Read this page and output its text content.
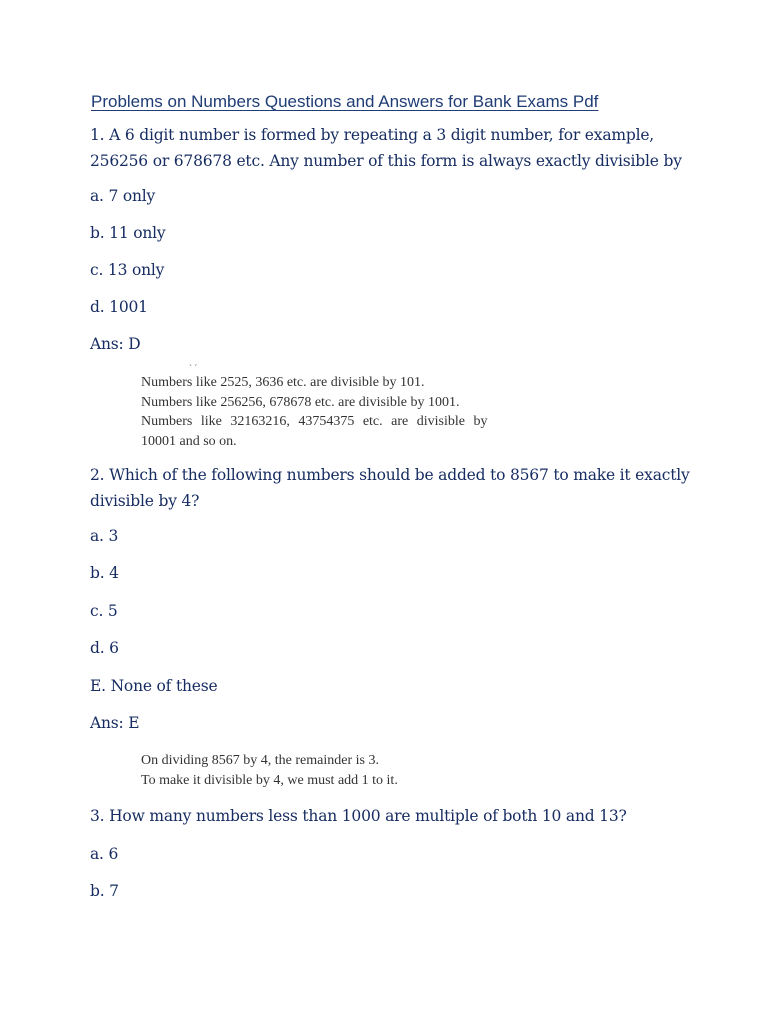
Problems on Numbers Questions and Answers for Bank Exams Pdf
1. A 6 digit number is formed by repeating a 3 digit number, for example,
256256 or 678678 etc. Any number of this form is always exactly divisible by
a. 7 only
b. 11 only
c. 13 only
d. 1001
Ans: D
` ´
Numbers like 2525, 3636 etc. are divisible by 101.
Numbers like 256256, 678678 etc. are divisible by 1001.
Numbers like 32163216, 43754375 etc. are divisible by
10001 and so on.
2. Which of the following numbers should be added to 8567 to make it exactly
divisible by 4?
a. 3
b. 4
c. 5
d. 6
E. None of these
Ans: E
On dividing 8567 by 4, the remainder is 3.
To make it divisible by 4, we must add 1 to it.
3. How many numbers less than 1000 are multiple of both 10 and 13?
a. 6
b. 7
